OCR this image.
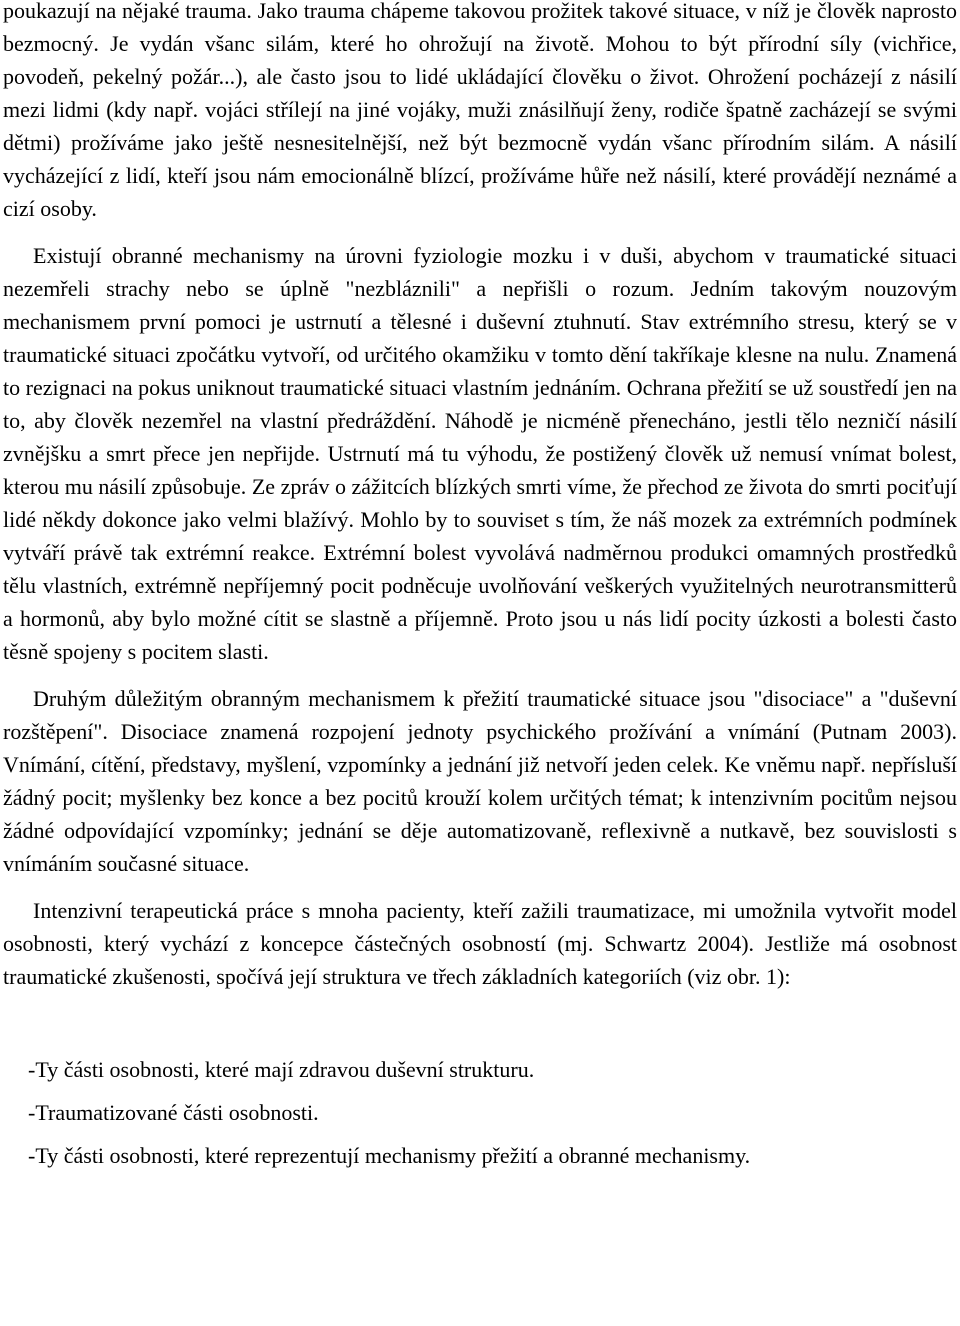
poukazují na nějaké trauma. Jako trauma chápeme takovou prožitek takové situace, v níž je člověk naprosto bezmocný. Je vydán všanc silám, které ho ohrožují na životě. Mohou to být přírodní síly (vichřice, povodeň, pekelný požár...), ale často jsou to lidé ukládající člověku o život. Ohrožení pocházejí z násilí mezi lidmi (kdy např. vojáci střílejí na jiné vojáky, muži znásilňují ženy, rodiče špatně zacházejí se svými dětmi) prožíváme jako ještě nesnesitelnější, než být bezmocně vydán všanc přírodním silám. A násilí vycházející z lidí, kteří jsou nám emocionálně blízcí, prožíváme hůře než násilí, které provádějí neznámé a cizí osoby.

Existují obranné mechanismy na úrovni fyziologie mozku i v duši, abychom v traumatické situaci nezemřeli strachy nebo se úplně "nezbláznili" a nepřišli o rozum. Jedním takovým nouzovým mechanismem první pomoci je ustrnutí a tělesné i duševní ztuhnutí. Stav extrémního stresu, který se v traumatické situaci zpočátku vytvoří, od určitého okamžiku v tomto dění takříkaje klesne na nulu. Znamená to rezignaci na pokus uniknout traumatické situaci vlastním jednáním. Ochrana přežití se už soustředí jen na to, aby člověk nezemřel na vlastní předráždění. Náhodě je nicméně přenecháno, jestli tělo nezničí násilí zvnějšku a smrt přece jen nepřijde. Ustrnutí má tu výhodu, že postižený člověk už nemusí vnímat bolest, kterou mu násilí způsobuje. Ze zpráv o zážitcích blízkých smrti víme, že přechod ze života do smrti pociťují lidé někdy dokonce jako velmi blažívý. Mohlo by to souviset s tím, že náš mozek za extrémních podmínek vytváří právě tak extrémní reakce. Extrémní bolest vyvolává nadměrnou produkci omamných prostředků tělu vlastních, extrémně nepříjemný pocit podněcuje uvolňování veškerých využitelných neurotransmitterů a hormonů, aby bylo možné cítit se slastně a příjemně. Proto jsou u nás lidí pocity úzkosti a bolesti často těsně spojeny s pocitem slasti.

Druhým důležitým obranným mechanismem k přežití traumatické situace jsou "disociace" a "duševní rozštěpení". Disociace znamená rozpojení jednoty psychického prožívání a vnímání (Putnam 2003). Vnímání, cítění, představy, myšlení, vzpomínky a jednání již netvoří jeden celek. Ke vněmu např. nepřísluší žádný pocit; myšlenky bez konce a bez pocitů krouží kolem určitých témat; k intenzivním pocitům nejsou žádné odpovídající vzpomínky; jednání se děje automatizovaně, reflexivně a nutkavě, bez souvislosti s vnímáním současné situace.

Intenzivní terapeutická práce s mnoha pacienty, kteří zažili traumatizace, mi umožnila vytvořit model osobnosti, který vychází z koncepce částečných osobností (mj. Schwartz 2004). Jestliže má osobnost traumatické zkušenosti, spočívá její struktura ve třech základních kategoriích (viz obr. 1):

-Ty části osobnosti, které mají zdravou duševní strukturu.
-Traumatizované části osobnosti.
-Ty části osobnosti, které reprezentují mechanismy přežití a obranné mechanismy.
